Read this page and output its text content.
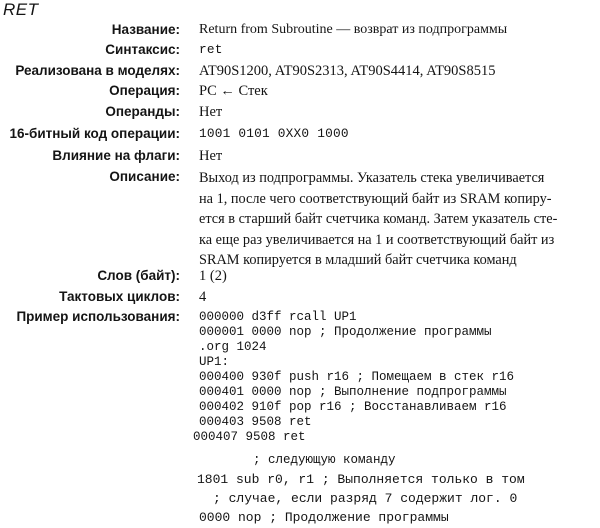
RET
Название: Return from Subroutine — возврат из подпрограммы
Синтаксис: ret
Реализована в моделях: AT90S1200, AT90S2313, AT90S4414, AT90S8515
Операция: PC ← Стек
Операнды: Нет
16-битный код операции: 1001 0101 0XX0 1000
Влияние на флаги: Нет
Описание: Выход из подпрограммы. Указатель стека увеличивается
на 1, после чего соответствующий байт из SRAM копиру-
ется в старший байт счетчика команд. Затем указатель сте-
ка еще раз увеличивается на 1 и соответствующий байт из
SRAM копируется в младший байт счетчика команд
Слов (байт): 1 (2)
Тактовых циклов: 4
Пример использования: 000000 d3ff rcall UP1
000001 0000 nop ; Продолжение программы
.org 1024
UP1:
000400 930f push r16 ; Помещаем в стек r16
000401 0000 nop ; Выполнение подпрограммы
000402 910f pop r16 ; Восстанавливаем r16
000403 9508 ret
000407 9508 ret
; следующую команду
1801 sub r0, r1 ; Выполняется только в том
; случае, если разряд 7 содержит лог. 0
0000 nop ; Продолжение программы
